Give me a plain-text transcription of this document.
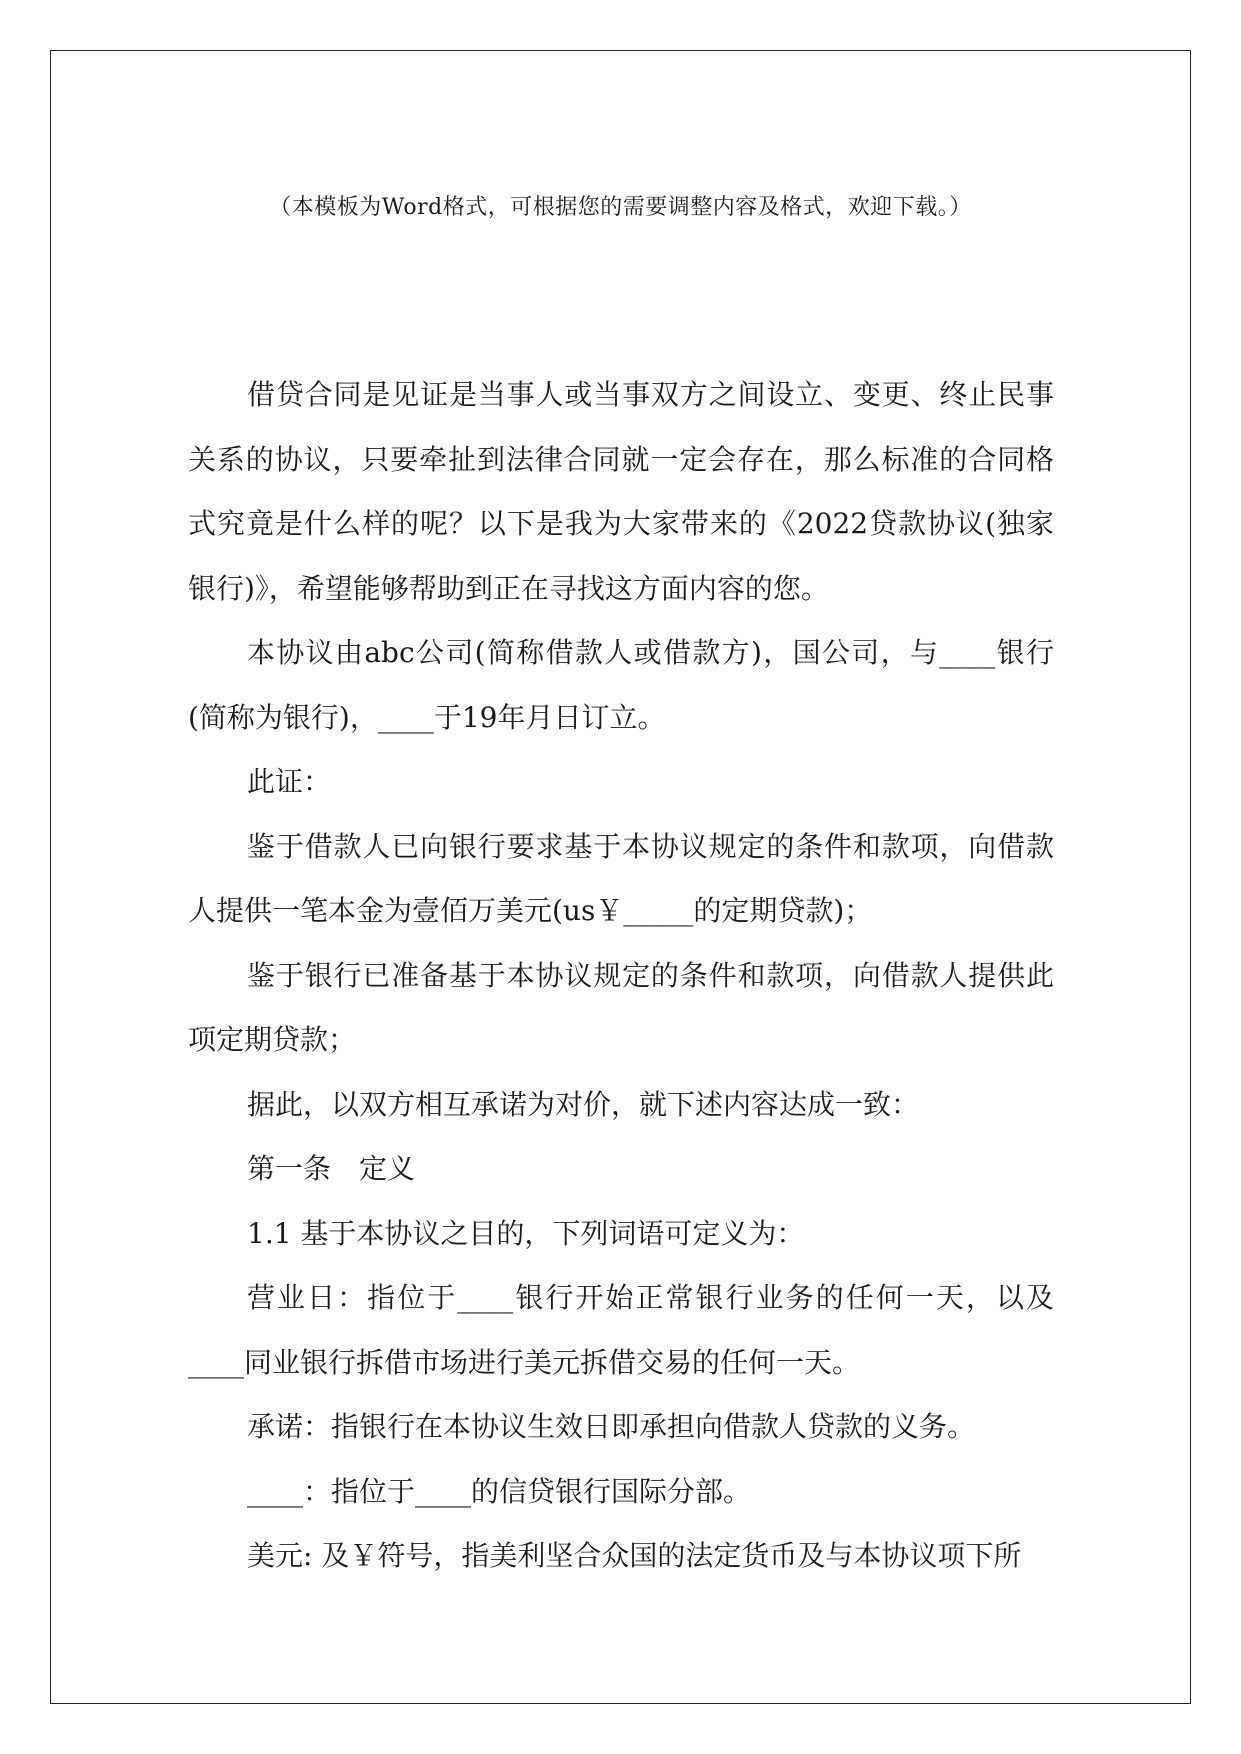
（本模板为Word格式，可根据您的需要调整内容及格式，欢迎下载。）

借贷合同是见证是当事人或当事双方之间设立、变更、终止民事关系的协议，只要牵扯到法律合同就一定会存在，那么标准的合同格式究竟是什么样的呢？以下是我为大家带来的《2022贷款协议(独家银行)》，希望能够帮助到正在寻找这方面内容的您。

本协议由abc公司(简称借款人或借款方)，国公司，与____银行(简称为银行)，____于19年月日订立。

此证：

鉴于借款人已向银行要求基于本协议规定的条件和款项，向借款人提供一笔本金为壹佰万美元(us￥_____的定期贷款)；

鉴于银行已准备基于本协议规定的条件和款项，向借款人提供此项定期贷款；

据此，以双方相互承诺为对价，就下述内容达成一致：

第一条　定义

1.1 基于本协议之目的，下列词语可定义为：

营业日：指位于____银行开始正常银行业务的任何一天，以及____同业银行拆借市场进行美元拆借交易的任何一天。

承诺：指银行在本协议生效日即承担向借款人贷款的义务。

____：指位于____的信贷银行国际分部。

美元: 及￥符号，指美利坚合众国的法定货币及与本协议项下所
